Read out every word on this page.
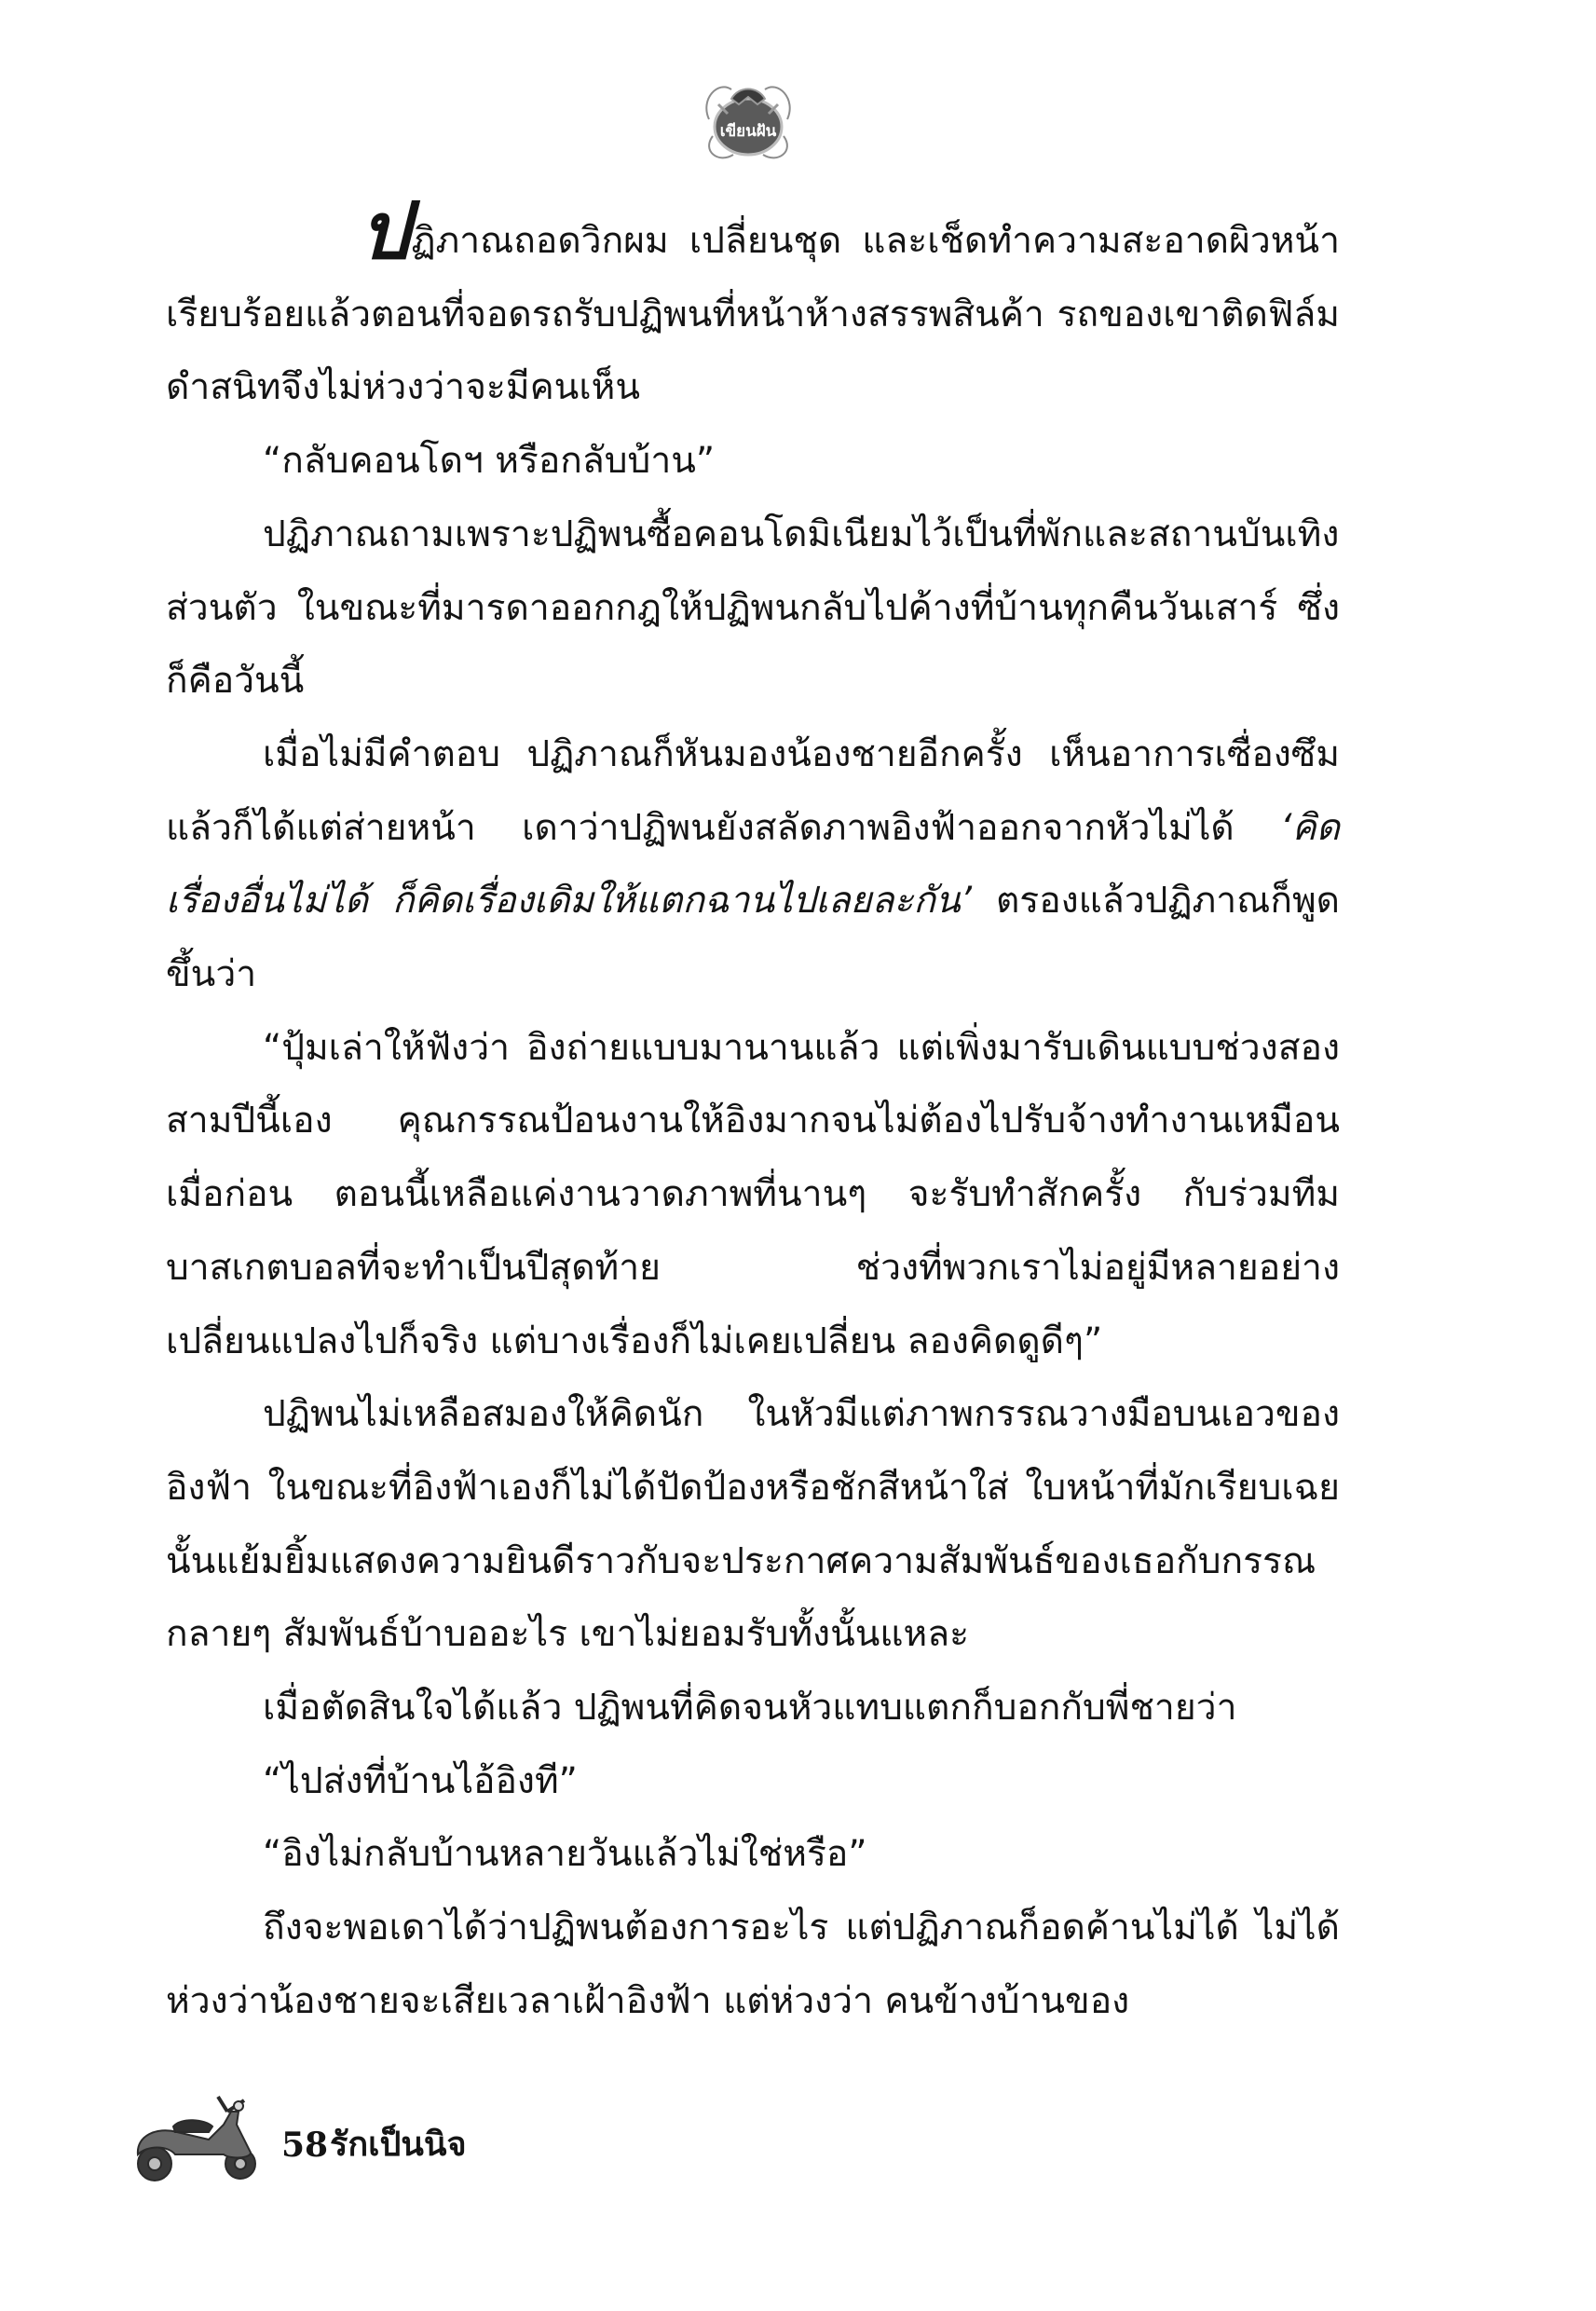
เขียนฝัน

ปฏิภาณถอดวิกผม เปลี่ยนชุด และเช็ดทำความสะอาดผิวหน้าเรียบร้อยแล้วตอนที่จอดรถรับปฏิพนที่หน้าห้างสรรพสินค้า รถของเขาติดฟิล์มดำสนิทจึงไม่ห่วงว่าจะมีคนเห็น

“กลับคอนโดฯ หรือกลับบ้าน”

ปฏิภาณถามเพราะปฏิพนซื้อคอนโดมิเนียมไว้เป็นที่พักและสถานบันเทิงส่วนตัว ในขณะที่มารดาออกกฎให้ปฏิพนกลับไปค้างที่บ้านทุกคืนวันเสาร์ ซึ่งก็คือวันนี้

เมื่อไม่มีคำตอบ ปฏิภาณก็หันมองน้องชายอีกครั้ง เห็นอาการเซื่องซึมแล้วก็ได้แต่ส่ายหน้า เดาว่าปฏิพนยังสลัดภาพอิงฟ้าออกจากหัวไม่ได้ ‘คิดเรื่องอื่นไม่ได้ ก็คิดเรื่องเดิมให้แตกฉานไปเลยละกัน’ ตรองแล้วปฏิภาณก็พูดขึ้นว่า

“ปุ้มเล่าให้ฟังว่า อิงถ่ายแบบมานานแล้ว แต่เพิ่งมารับเดินแบบช่วงสองสามปีนี้เอง คุณกรรณป้อนงานให้อิงมากจนไม่ต้องไปรับจ้างทำงานเหมือนเมื่อก่อน ตอนนี้เหลือแค่งานวาดภาพที่นานๆ จะรับทำสักครั้ง กับร่วมทีมบาสเกตบอลที่จะทำเป็นปีสุดท้าย ช่วงที่พวกเราไม่อยู่มีหลายอย่างเปลี่ยนแปลงไปก็จริง แต่บางเรื่องก็ไม่เคยเปลี่ยน ลองคิดดูดีๆ”

ปฏิพนไม่เหลือสมองให้คิดนัก ในหัวมีแต่ภาพกรรณวางมือบนเอวของอิงฟ้า ในขณะที่อิงฟ้าเองก็ไม่ได้ปัดป้องหรือชักสีหน้าใส่ ใบหน้าที่มักเรียบเฉยนั้นแย้มยิ้มแสดงความยินดีราวกับจะประกาศความสัมพันธ์ของเธอกับกรรณกลายๆ สัมพันธ์บ้าบออะไร เขาไม่ยอมรับทั้งนั้นแหละ

เมื่อตัดสินใจได้แล้ว ปฏิพนที่คิดจนหัวแทบแตกก็บอกกับพี่ชายว่า

“ไปส่งที่บ้านไอ้อิงที”

“อิงไม่กลับบ้านหลายวันแล้วไม่ใช่หรือ”

ถึงจะพอเดาได้ว่าปฏิพนต้องการอะไร แต่ปฏิภาณก็อดค้านไม่ได้ ไม่ได้ห่วงว่าน้องชายจะเสียเวลาเฝ้าอิงฟ้า แต่ห่วงว่า คนข้างบ้านของ

58 รักเป็นนิจ
